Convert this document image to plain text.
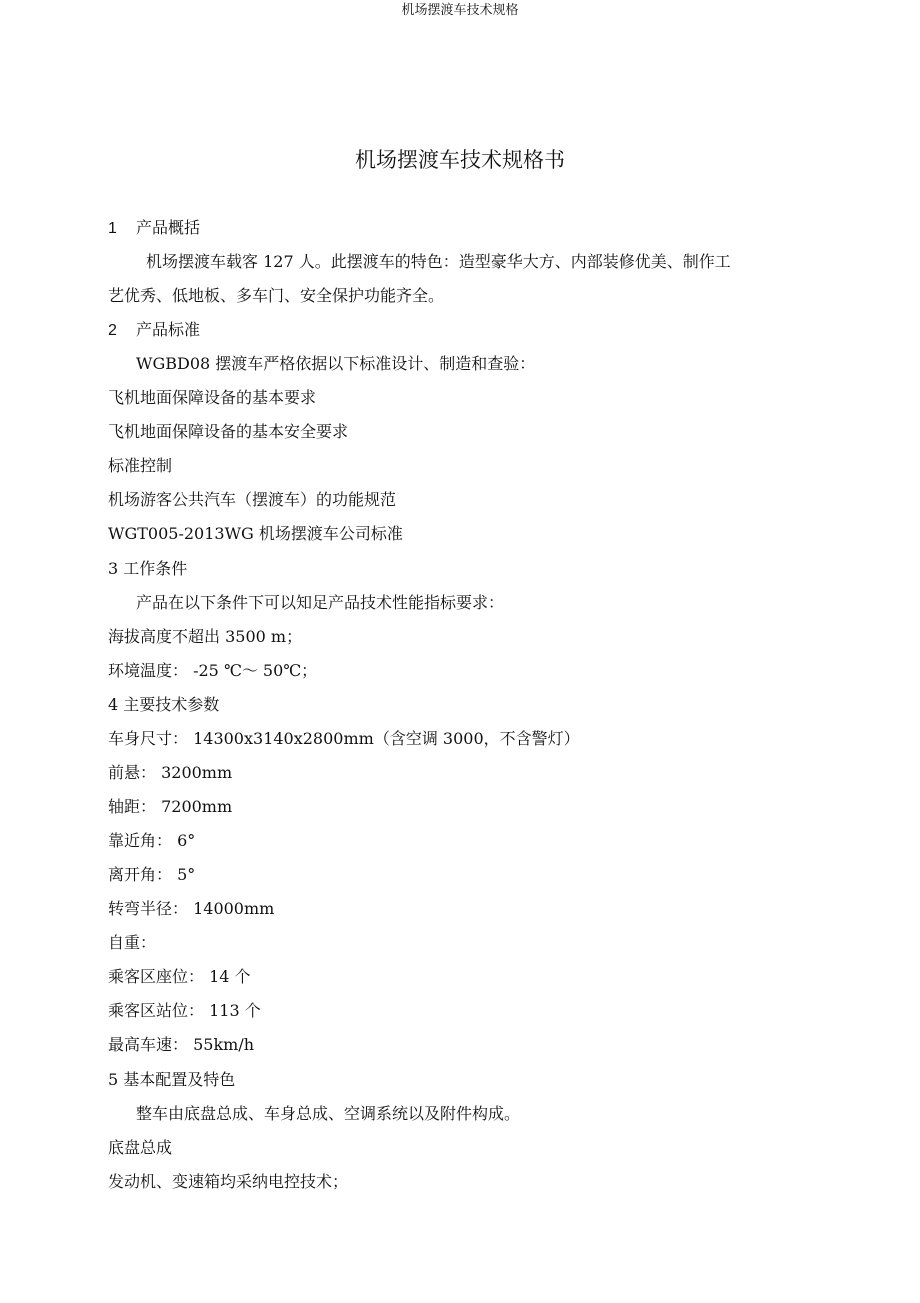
机场摆渡车技术规格
机场摆渡车技术规格书
1 产品概括
机场摆渡车载客 127 人。此摆渡车的特色：造型豪华大方、内部装修优美、制作工
艺优秀、低地板、多车门、安全保护功能齐全。
2 产品标准
WGBD08 摆渡车严格依据以下标准设计、制造和查验：
飞机地面保障设备的基本要求
飞机地面保障设备的基本安全要求
标准控制
机场游客公共汽车（摆渡车）的功能规范
WGT005-2013WG 机场摆渡车公司标准
3 工作条件
产品在以下条件下可以知足产品技术性能指标要求：
海拔高度不超出 3500 m；
环境温度： -25 ℃～ 50℃；
4 主要技术参数
车身尺寸： 14300x3140x2800mm（含空调 3000，不含警灯）
前悬： 3200mm
轴距： 7200mm
靠近角： 6°
离开角： 5°
转弯半径： 14000mm
自重：
乘客区座位： 14 个
乘客区站位： 113 个
最高车速： 55km/h
5 基本配置及特色
整车由底盘总成、车身总成、空调系统以及附件构成。
底盘总成
发动机、变速箱均采纳电控技术；
